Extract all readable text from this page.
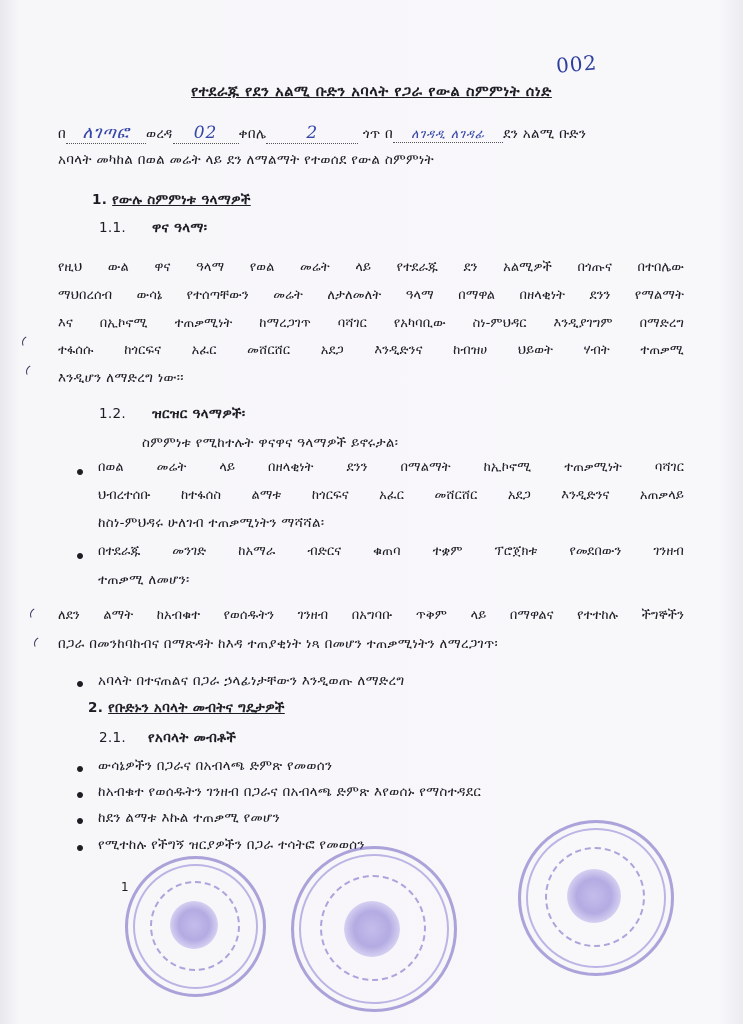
002
የተደራጁ የደን አልሚ ቡድን አባላት የጋራ የውል ስምምነት ሰነድ
በ ለገጣፎ ወረዳ 02 ቀበሌ 2	ጎጥ በ ለገዳዲ ለገዳፊ ደን አልሚ ቡድን
አባላት መካከል በወል መሬት ላይ ደን ለማልማት የተወሰደ የውል ስምምነት
1. የውሉ ስምምነቱ ዓላማዎች
1.1. ዋና ዓላማ፡
የዚህ ውል ዋና ዓላማ የወል መሬት ላይ የተደራጁ ደን አልሚዎች በጎጡና በተበሌው
ማህበረሰብ ውሳኔ የተሰጣቸውን መሬት ለታለመለት ዓላማ በማዋል በዘላቂነት ደንን የማልማት
እና በኢኮኖሚ ተጠቃሚነት ከማረጋገጥ ባሻገር የአካባቢው ስነ-ምህዳር እንዲያገግም በማድረግ
ተፋሰሱ ከጎርፍና አፈር መሸርሸር አደጋ እንዲድንና ከብዝሀ ህይወት ሃብት ተጠቃሚ
እንዲሆን ለማድረግ ነው፡፡
◜
◜
1.2. ዝርዝር ዓላማዎች፡
ስምምነቱ የሚከተሉት ዋናዋና ዓላማዎች ይኖሩታል፡
በወል መሬት ላይ በዘላቂነት ደንን በማልማት ከኢኮኖሚ ተጠቃሚነት ባሻገር
ህብረተሰቡ ከተፋሰስ ልማቱ ከጎርፍና አፈር መሸርሸር አደጋ እንዲድንና አጠቃላይ
ከስነ-ምህዳሩ ሁለገብ ተጠቃሚነትን ማሻሻል፡
በተደራጁ መንገድ ከአማራ ብድርና ቁጠባ ተቋም ፕሮጀክቱ የመደበውን ገንዘብ
ተጠቃሚ ለመሆን፡
◜
◜
ለደን ልማት ከአብቁተ የወሰዱትን ገንዘብ በአግባቡ ጥቅም ላይ በማዋልና የተተከሉ ችግኞችን
በጋራ በመንከባከብና በማጽዳት ከእዳ ተጠያቂነት ነጻ በመሆን ተጠቃሚነትን ለማረጋገጥ፡
አባላት በተናጠልና በጋራ ኃላፊነታቸውን እንዲወጡ ለማድረግ
2. የቡድኑን አባላት መብትና ግዴታዎች
2.1. የአባላት መብቶች
ውሳኔዎችን በጋራና በአብላጫ ድምጽ የመወሰን
ከአብቁተ የወሰዱትን ገንዘብ በጋራና በአብላጫ ድምጽ እየወሰኑ የማስተዳደር
ከደን ልማቱ እኩል ተጠቃሚ የመሆን
የሚተከሉ የችግኝ ዝርያዎችን በጋራ ተሳትፎ የመወሰን
1
